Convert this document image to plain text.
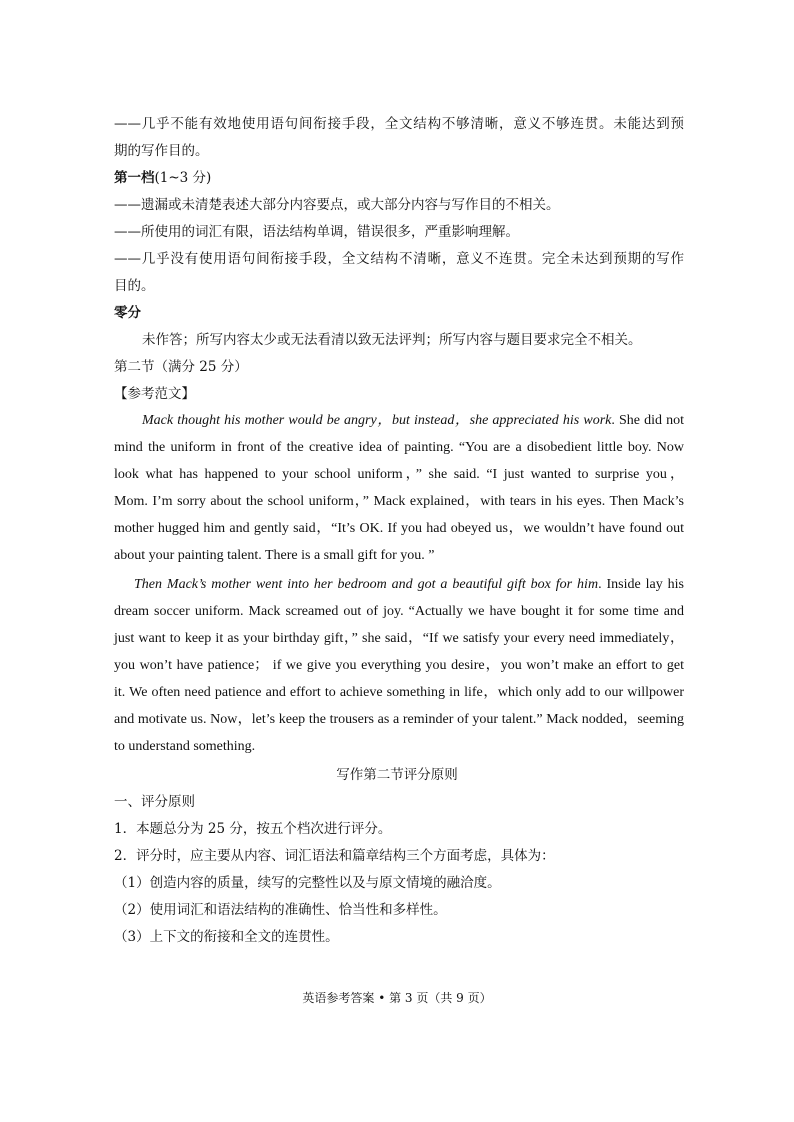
——几乎不能有效地使用语句间衔接手段，全文结构不够清晰，意义不够连贯。未能达到预

期的写作目的。

第一档(1~3 分)

——遗漏或未清楚表述大部分内容要点，或大部分内容与写作目的不相关。

——所使用的词汇有限，语法结构单调，错误很多，严重影响理解。

——几乎没有使用语句间衔接手段，全文结构不清晰，意义不连贯。完全未达到预期的写作

目的。

零分

未作答；所写内容太少或无法看清以致无法评判；所写内容与题目要求完全不相关。

第二节（满分 25 分）

【参考范文】

Mack thought his mother would be angry，but instead，she appreciated his work. She did not

mind the uniform in front of the creative idea of painting. “You are a disobedient little boy. Now

look what has happened to your school uniform，” she said. “I just wanted to surprise you，

Mom. I’m sorry about the school uniform，” Mack explained，with tears in his eyes. Then Mack’s

mother hugged him and gently said，“It’s OK. If you had obeyed us，we wouldn’t have found out

about your painting talent. There is a small gift for you. ”

Then Mack’s mother went into her bedroom and got a beautiful gift box for him. Inside lay his

dream soccer uniform. Mack screamed out of joy. “Actually we have bought it for some time and

just want to keep it as your birthday gift，” she said，“If we satisfy your every need immediately，

you won’t have patience； if we give you everything you desire，you won’t make an effort to get

it. We often need patience and effort to achieve something in life，which only add to our willpower

and motivate us. Now，let’s keep the trousers as a reminder of your talent.” Mack nodded，seeming

to understand something.

写作第二节评分原则

一、评分原则

1．本题总分为 25 分，按五个档次进行评分。

2．评分时，应主要从内容、词汇语法和篇章结构三个方面考虑，具体为：

（1）创造内容的质量，续写的完整性以及与原文情境的融洽度。

（2）使用词汇和语法结构的准确性、恰当性和多样性。

（3）上下文的衔接和全文的连贯性。

英语参考答案 • 第 3 页（共 9 页）
